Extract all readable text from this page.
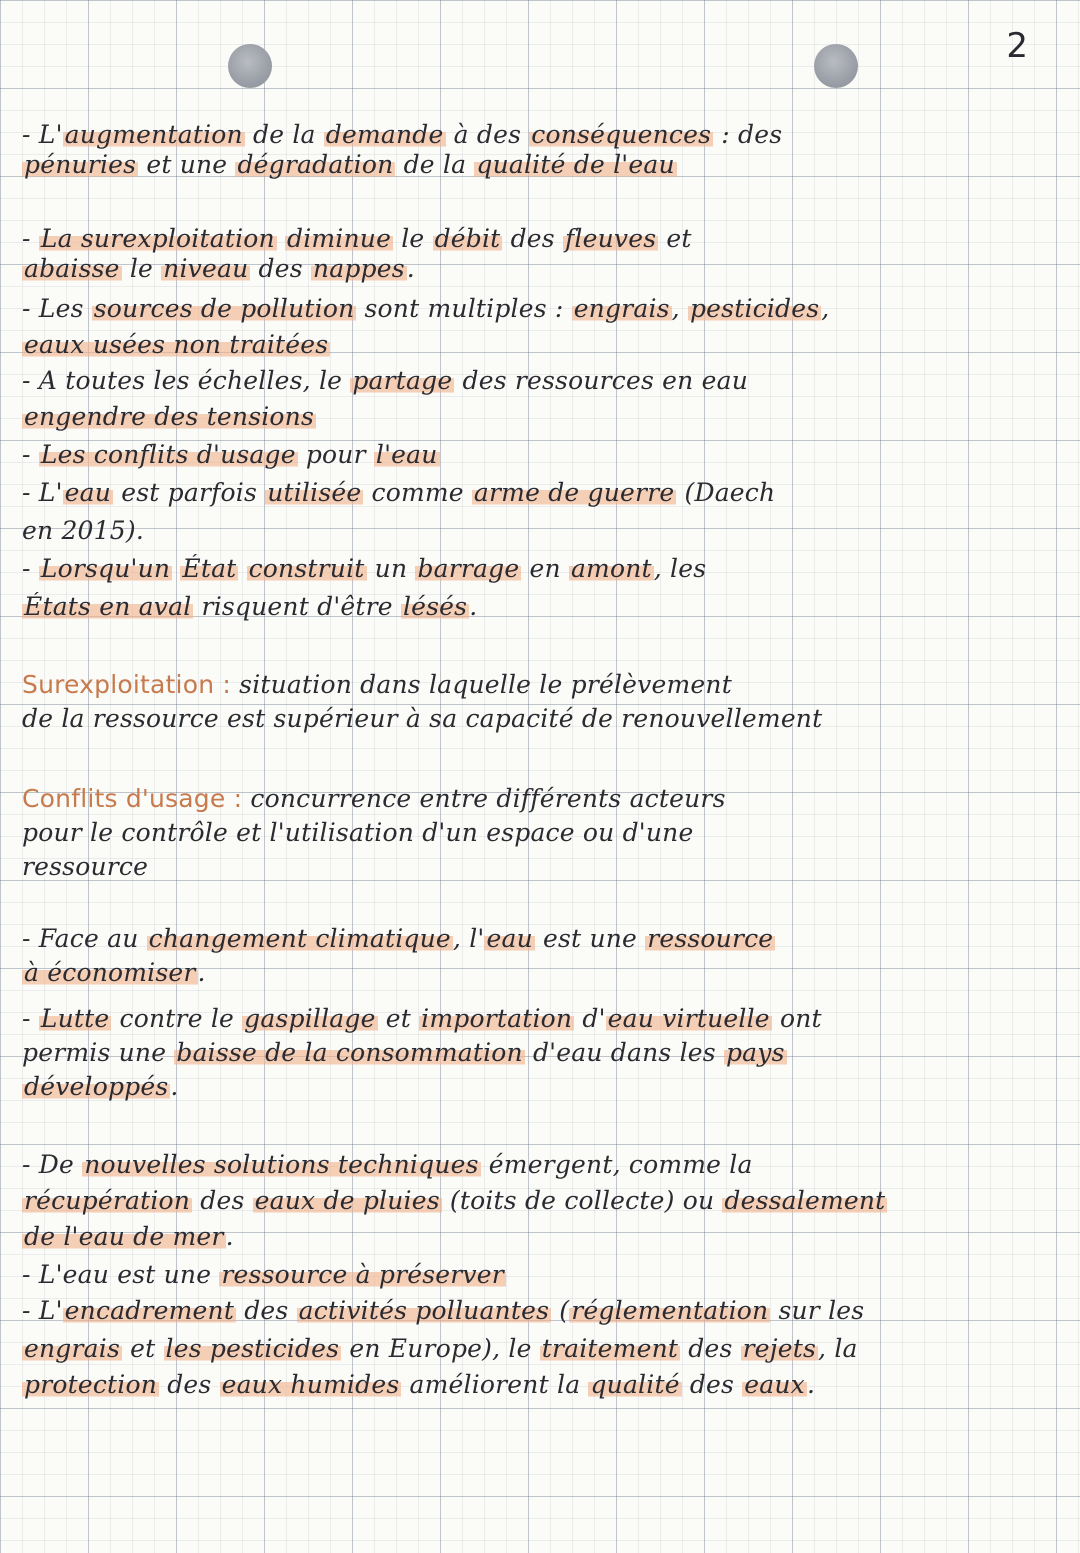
2
- L'augmentation de la demande à des conséquences : des
pénuries et une dégradation de la qualité de l'eau
- La surexploitation diminue le débit des fleuves et
abaisse le niveau des nappes.
- Les sources de pollution sont multiples : engrais, pesticides,
eaux usées non traitées
- A toutes les échelles, le partage des ressources en eau
engendre des tensions
- Les conflits d'usage pour l'eau
- L'eau est parfois utilisée comme arme de guerre (Daech
en 2015).
- Lorsqu'un État construit un barrage en amont, les
États en aval risquent d'être lésés.
Surexploitation : situation dans laquelle le prélèvement
de la ressource est supérieur à sa capacité de renouvellement
Conflits d'usage : concurrence entre différents acteurs
pour le contrôle et l'utilisation d'un espace ou d'une
ressource
- Face au changement climatique, l'eau est une ressource
à économiser.
- Lutte contre le gaspillage et importation d'eau virtuelle ont
permis une baisse de la consommation d'eau dans les pays
développés.
- De nouvelles solutions techniques émergent, comme la
récupération des eaux de pluies (toits de collecte) ou dessalement
de l'eau de mer.
- L'eau est une ressource à préserver
- L'encadrement des activités polluantes (réglementation sur les
engrais et les pesticides en Europe), le traitement des rejets, la
protection des eaux humides améliorent la qualité des eaux.
